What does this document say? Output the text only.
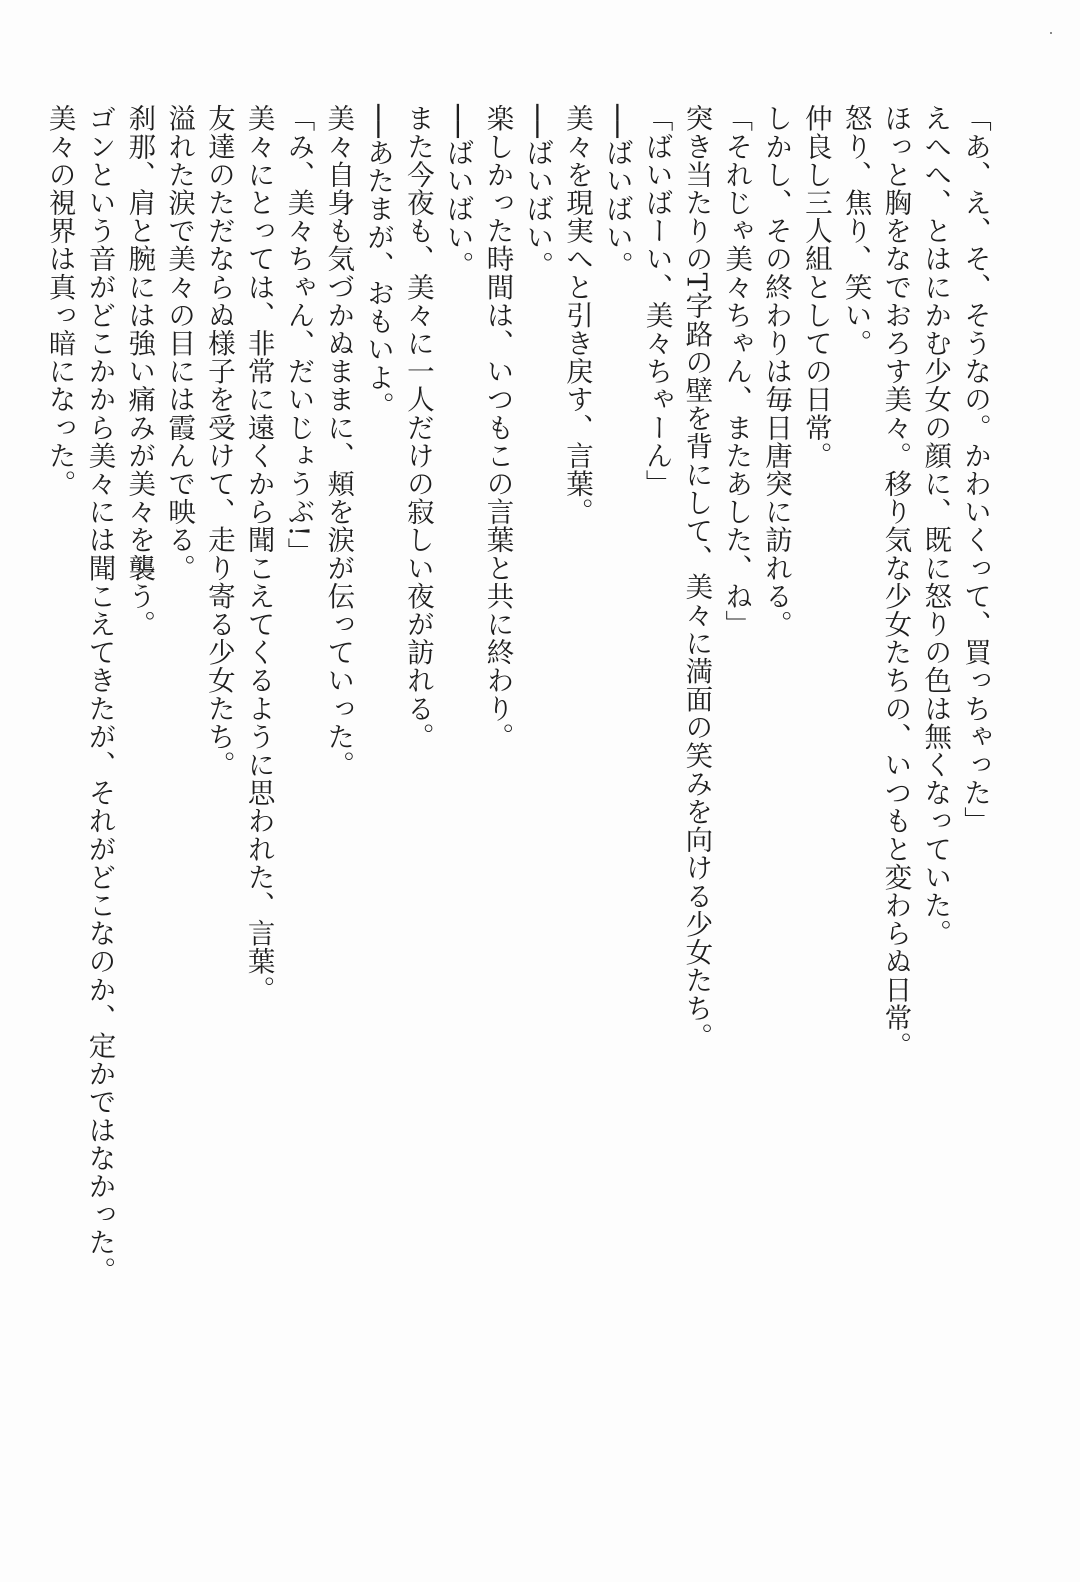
「あ、え、そ、そうなの。かわいくって、買っちゃった」
えへへ、とはにかむ少女の顔に、既に怒りの色は無くなっていた。
ほっと胸をなでおろす美々。移り気な少女たちの、いつもと変わらぬ日常。
怒り、焦り、笑い。
仲良し三人組としての日常。
しかし、その終わりは毎日唐突に訪れる。
「それじゃ美々ちゃん、またあした、ね」
突き当たりのT字路の壁を背にして、美々に満面の笑みを向ける少女たち。
「ばいばーい、美々ちゃーん」
──ばいばい。
美々を現実へと引き戻す、言葉。
──ばいばい。
楽しかった時間は、いつもこの言葉と共に終わり。
──ばいばい。
また今夜も、美々に一人だけの寂しい夜が訪れる。
──あたまが、おもいよ。
美々自身も気づかぬままに、頬を涙が伝っていった。
「み、美々ちゃん、だいじょうぶ!」
美々にとっては、非常に遠くから聞こえてくるように思われた、言葉。
友達のただならぬ様子を受けて、走り寄る少女たち。
溢れた涙で美々の目には霞んで映る。
刹那、肩と腕には強い痛みが美々を襲う。
ゴンという音がどこかから美々には聞こえてきたが、それがどこなのか、定かではなかった。
美々の視界は真っ暗になった。
